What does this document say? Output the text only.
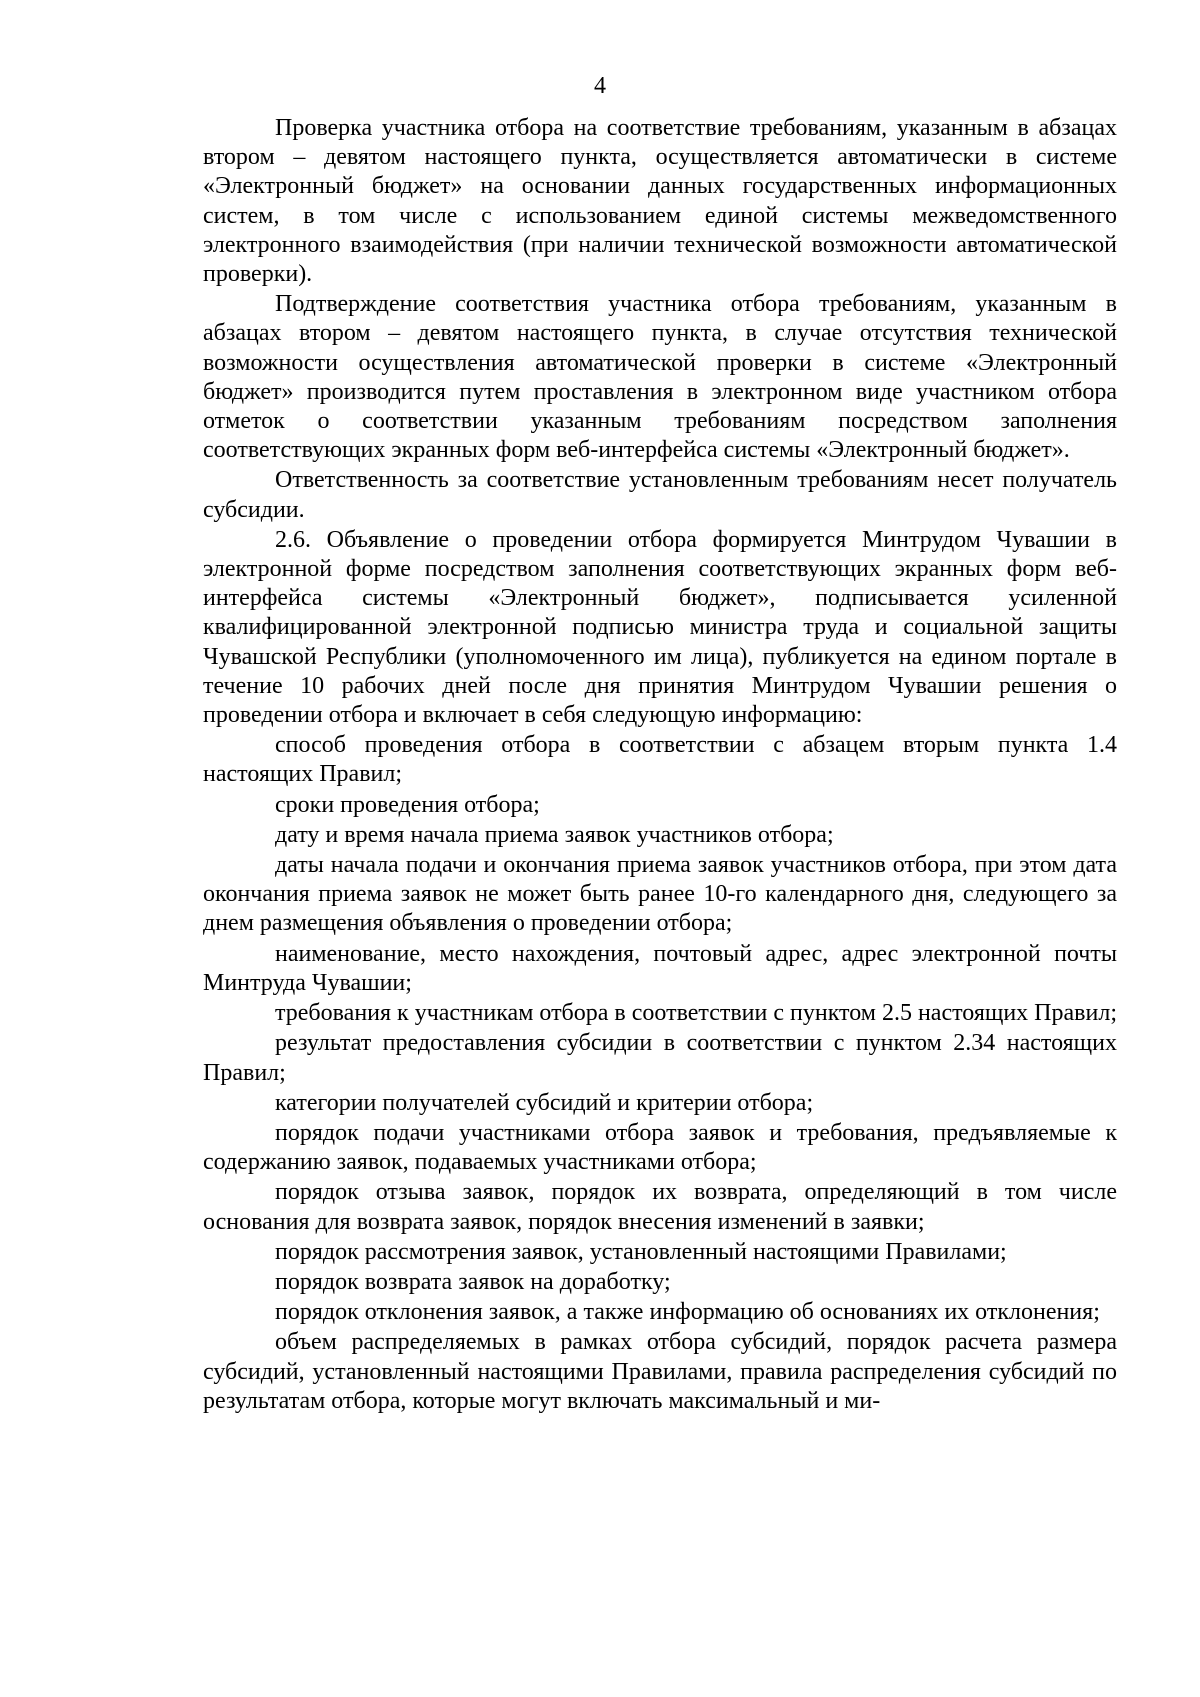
4

Проверка участника отбора на соответствие требованиям, указанным в абзацах втором – девятом настоящего пункта, осуществляется автоматически в системе «Электронный бюджет» на основании данных государственных информационных систем, в том числе с использованием единой системы межведомственного электронного взаимодействия (при наличии технической возможности автоматической проверки).

Подтверждение соответствия участника отбора требованиям, указанным в абзацах втором – девятом настоящего пункта, в случае отсутствия технической возможности осуществления автоматической проверки в системе «Электронный бюджет» производится путем проставления в электронном виде участником отбора отметок о соответствии указанным требованиям посредством заполнения соответствующих экранных форм веб-интерфейса системы «Электронный бюджет».

Ответственность за соответствие установленным требованиям несет получатель субсидии.

2.6. Объявление о проведении отбора формируется Минтрудом Чувашии в электронной форме посредством заполнения соответствующих экранных форм веб-интерфейса системы «Электронный бюджет», подписывается усиленной квалифицированной электронной подписью министра труда и социальной защиты Чувашской Республики (уполномоченного им лица), публикуется на едином портале в течение 10 рабочих дней после дня принятия Минтрудом Чувашии решения о проведении отбора и включает в себя следующую информацию:

способ проведения отбора в соответствии с абзацем вторым пункта 1.4 настоящих Правил;

сроки проведения отбора;

дату и время начала приема заявок участников отбора;

даты начала подачи и окончания приема заявок участников отбора, при этом дата окончания приема заявок не может быть ранее 10-го календарного дня, следующего за днем размещения объявления о проведении отбора;

наименование, место нахождения, почтовый адрес, адрес электронной почты Минтруда Чувашии;

требования к участникам отбора в соответствии с пунктом 2.5 настоящих Правил;

результат предоставления субсидии в соответствии с пунктом 2.34 настоящих Правил;

категории получателей субсидий и критерии отбора;

порядок подачи участниками отбора заявок и требования, предъявляемые к содержанию заявок, подаваемых участниками отбора;

порядок отзыва заявок, порядок их возврата, определяющий в том числе основания для возврата заявок, порядок внесения изменений в заявки;

порядок рассмотрения заявок, установленный настоящими Правилами;

порядок возврата заявок на доработку;

порядок отклонения заявок, а также информацию об основаниях их отклонения;

объем распределяемых в рамках отбора субсидий, порядок расчета размера субсидий, установленный настоящими Правилами, правила распределения субсидий по результатам отбора, которые могут включать максимальный и ми-
